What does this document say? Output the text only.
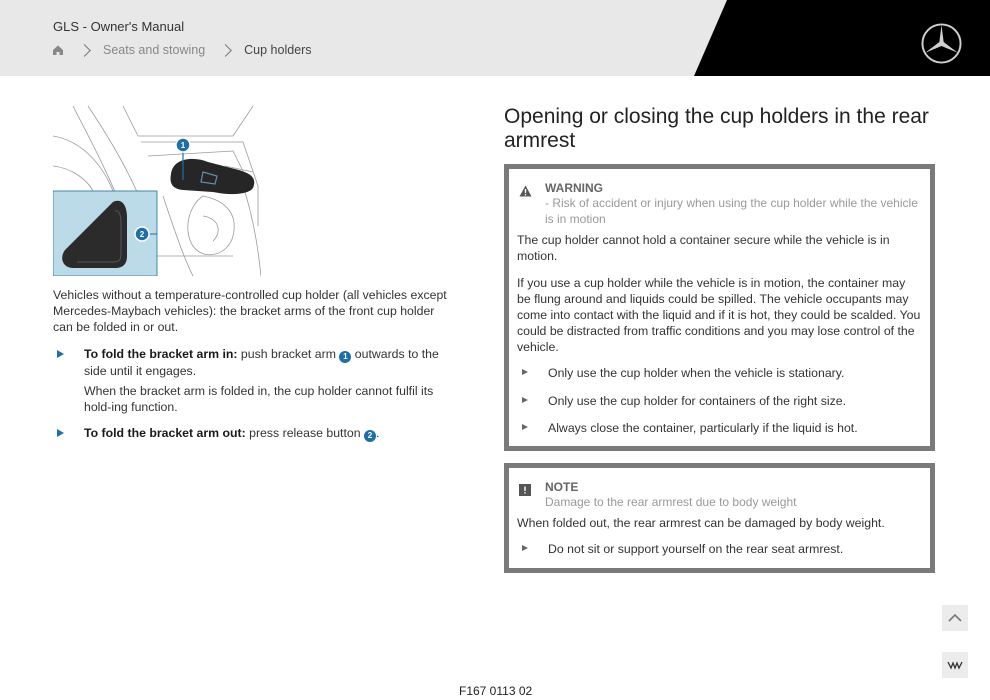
GLS - Owner's Manual
Seats and stowing	Cup holders
1
2
Vehicles without a temperature-controlled cup holder (all vehicles except Mercedes-Maybach vehicles): the bracket arms of the front cup holder can be folded in or out.

To fold the bracket arm in: push bracket arm 1 outwards to the side until it engages.

When the bracket arm is folded in, the cup holder cannot fulfil its hold-ing function.

To fold the bracket arm out: press release button 2 .

Opening or closing the cup holders in the rear armrest
WARNING
- Risk of accident or injury when using the cup holder while the vehicle is in motion

The cup holder cannot hold a container secure while the vehicle is in motion.

If you use a cup holder while the vehicle is in motion, the container may be flung around and liquids could be spilled. The vehicle occupants may come into contact with the liquid and if it is hot, they could be scalded. You could be distracted from traffic conditions and you may lose control of the vehicle.

Only use the cup holder when the vehicle is stationary.
Only use the cup holder for containers of the right size.
Always close the container, particularly if the liquid is hot.
NOTE
Damage to the rear armrest due to body weight

When folded out, the rear armrest can be damaged by body weight.

Do not sit or support yourself on the rear seat armrest.
F167 0113 02
